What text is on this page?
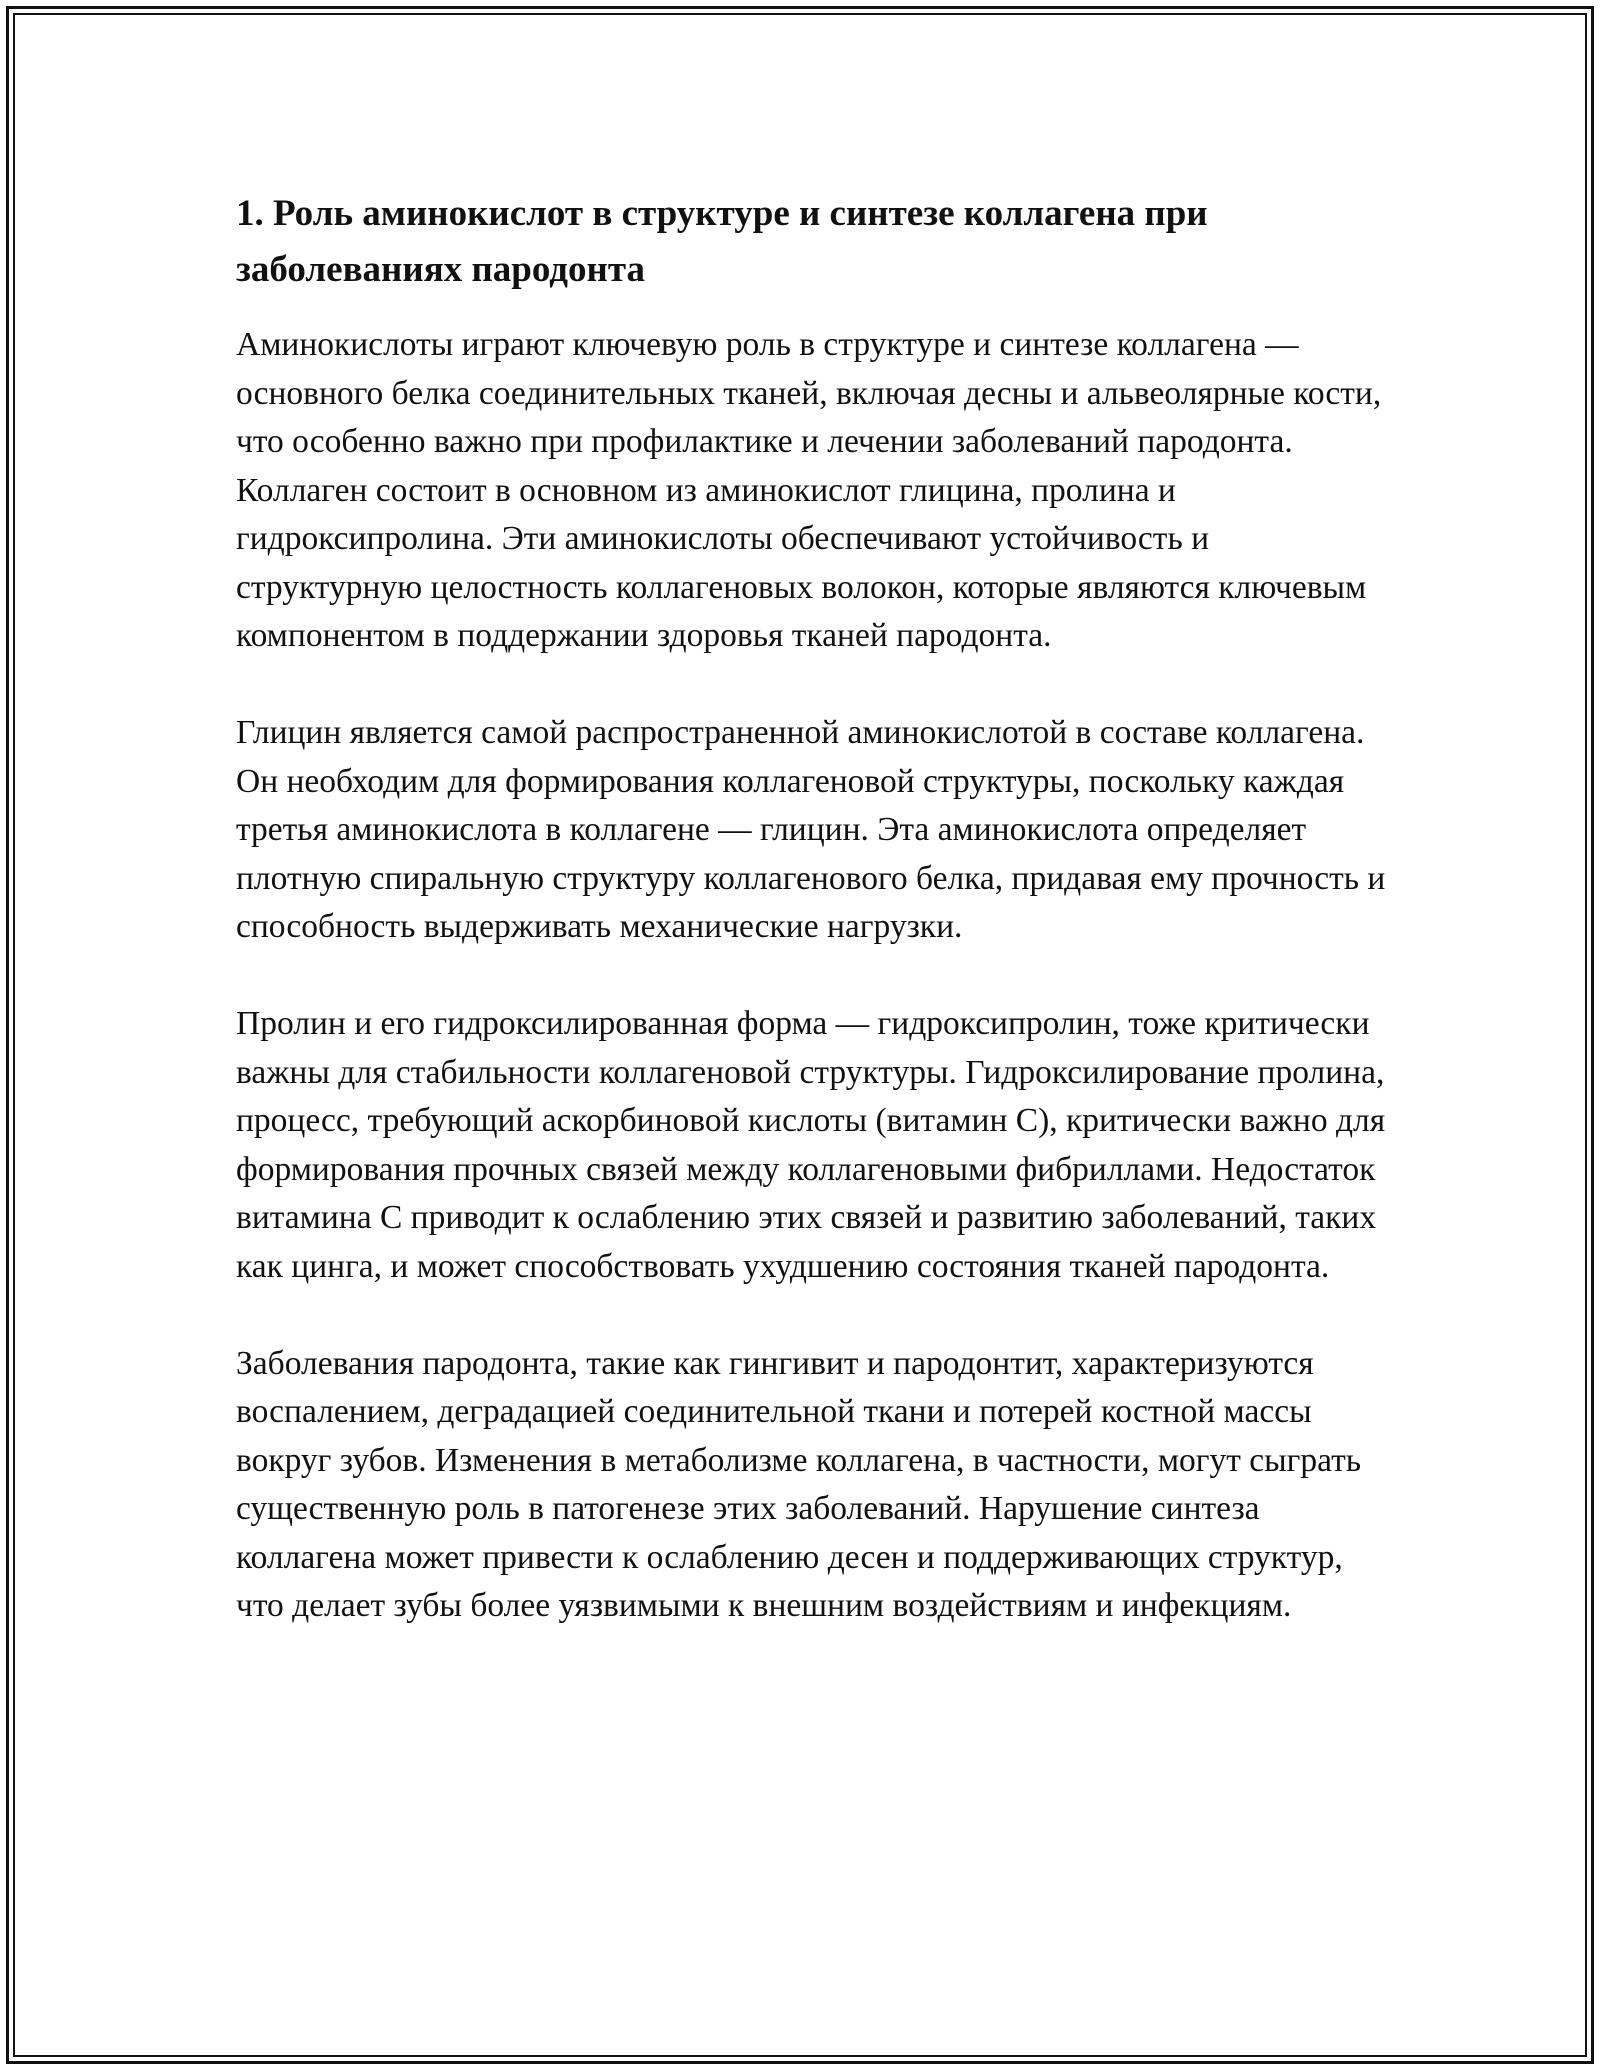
1. Роль аминокислот в структуре и синтезе коллагена при заболеваниях пародонта

Аминокислоты играют ключевую роль в структуре и синтезе коллагена — основного белка соединительных тканей, включая десны и альвеолярные кости, что особенно важно при профилактике и лечении заболеваний пародонта. Коллаген состоит в основном из аминокислот глицина, пролина и гидроксипролина. Эти аминокислоты обеспечивают устойчивость и структурную целостность коллагеновых волокон, которые являются ключевым компонентом в поддержании здоровья тканей пародонта.

Глицин является самой распространенной аминокислотой в составе коллагена. Он необходим для формирования коллагеновой структуры, поскольку каждая третья аминокислота в коллагене — глицин. Эта аминокислота определяет плотную спиральную структуру коллагенового белка, придавая ему прочность и способность выдерживать механические нагрузки.

Пролин и его гидроксилированная форма — гидроксипролин, тоже критически важны для стабильности коллагеновой структуры. Гидроксилирование пролина, процесс, требующий аскорбиновой кислоты (витамин C), критически важно для формирования прочных связей между коллагеновыми фибриллами. Недостаток витамина C приводит к ослаблению этих связей и развитию заболеваний, таких как цинга, и может способствовать ухудшению состояния тканей пародонта.

Заболевания пародонта, такие как гингивит и пародонтит, характеризуются воспалением, деградацией соединительной ткани и потерей костной массы вокруг зубов. Изменения в метаболизме коллагена, в частности, могут сыграть существенную роль в патогенезе этих заболеваний. Нарушение синтеза коллагена может привести к ослаблению десен и поддерживающих структур, что делает зубы более уязвимыми к внешним воздействиям и инфекциям.
